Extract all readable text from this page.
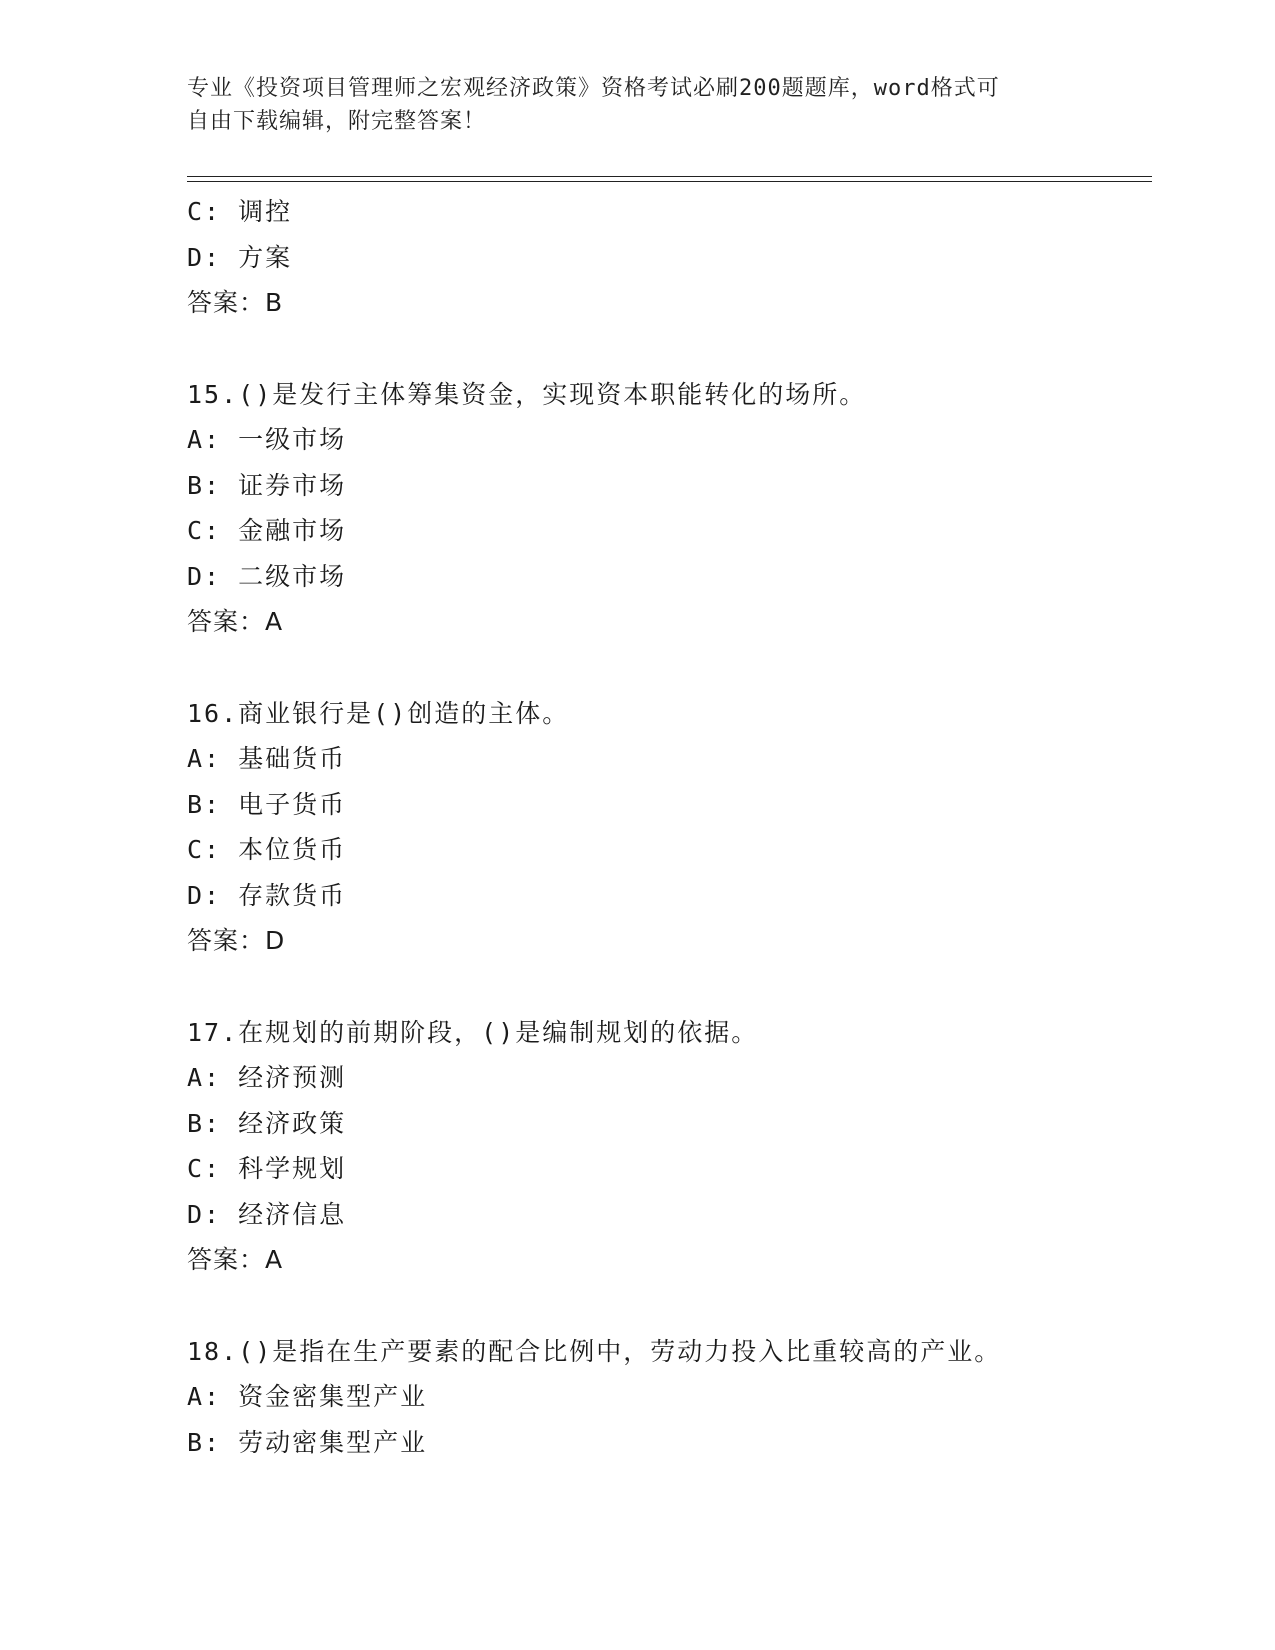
专业《投资项目管理师之宏观经济政策》资格考试必刷200题题库，word格式可
自由下载编辑，附完整答案！
C: 调控
D: 方案
答案：B
15.()是发行主体筹集资金，实现资本职能转化的场所。
A: 一级市场
B: 证券市场
C: 金融市场
D: 二级市场
答案：A
16.商业银行是()创造的主体。
A: 基础货币
B: 电子货币
C: 本位货币
D: 存款货币
答案：D
17.在规划的前期阶段，()是编制规划的依据。
A: 经济预测
B: 经济政策
C: 科学规划
D: 经济信息
答案：A
18.()是指在生产要素的配合比例中，劳动力投入比重较高的产业。
A: 资金密集型产业
B: 劳动密集型产业
